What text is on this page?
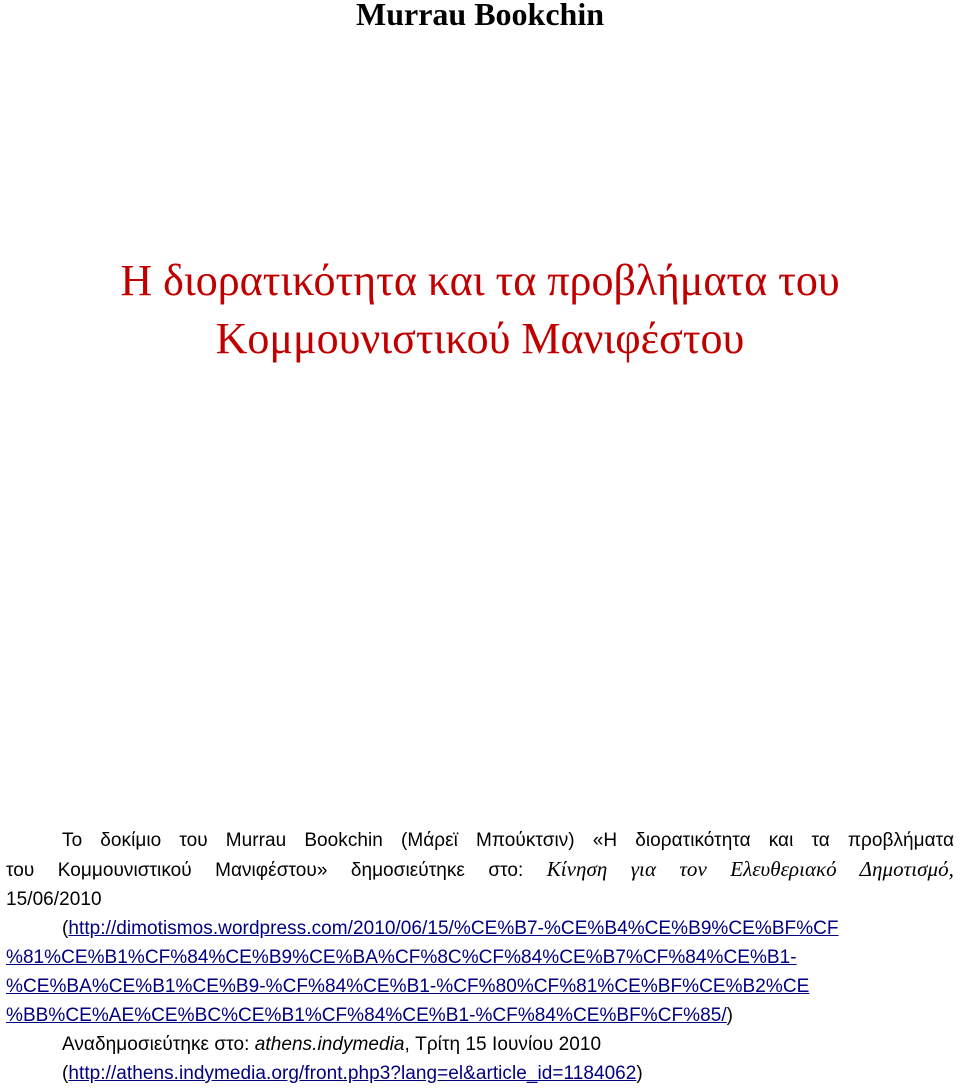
Murrau Bookchin
Η διορατικότητα και τα προβλήματα του
Κομμουνιστικού Μανιφέστου
Το δοκίμιο του Murrau Bookchin (Μάρεϊ Μπούκτσιν) «Η διορατικότητα και τα προβλήματα
του Κομμουνιστικού Μανιφέστου» δημοσιεύτηκε στο: Κίνηση για τον Ελευθεριακό Δημοτισμό,
15/06/2010
(http://dimotismos.wordpress.com/2010/06/15/%CE%B7-%CE%B4%CE%B9%CE%BF%CF
%81%CE%B1%CF%84%CE%B9%CE%BA%CF%8C%CF%84%CE%B7%CF%84%CE%B1-
%CE%BA%CE%B1%CE%B9-%CF%84%CE%B1-%CF%80%CF%81%CE%BF%CE%B2%CE
%BB%CE%AE%CE%BC%CE%B1%CF%84%CE%B1-%CF%84%CE%BF%CF%85/)
Αναδημοσιεύτηκε στο: athens.indymedia, Τρίτη 15 Ιουνίου 2010
(http://athens.indymedia.org/front.php3?lang=el&article_id=1184062)
